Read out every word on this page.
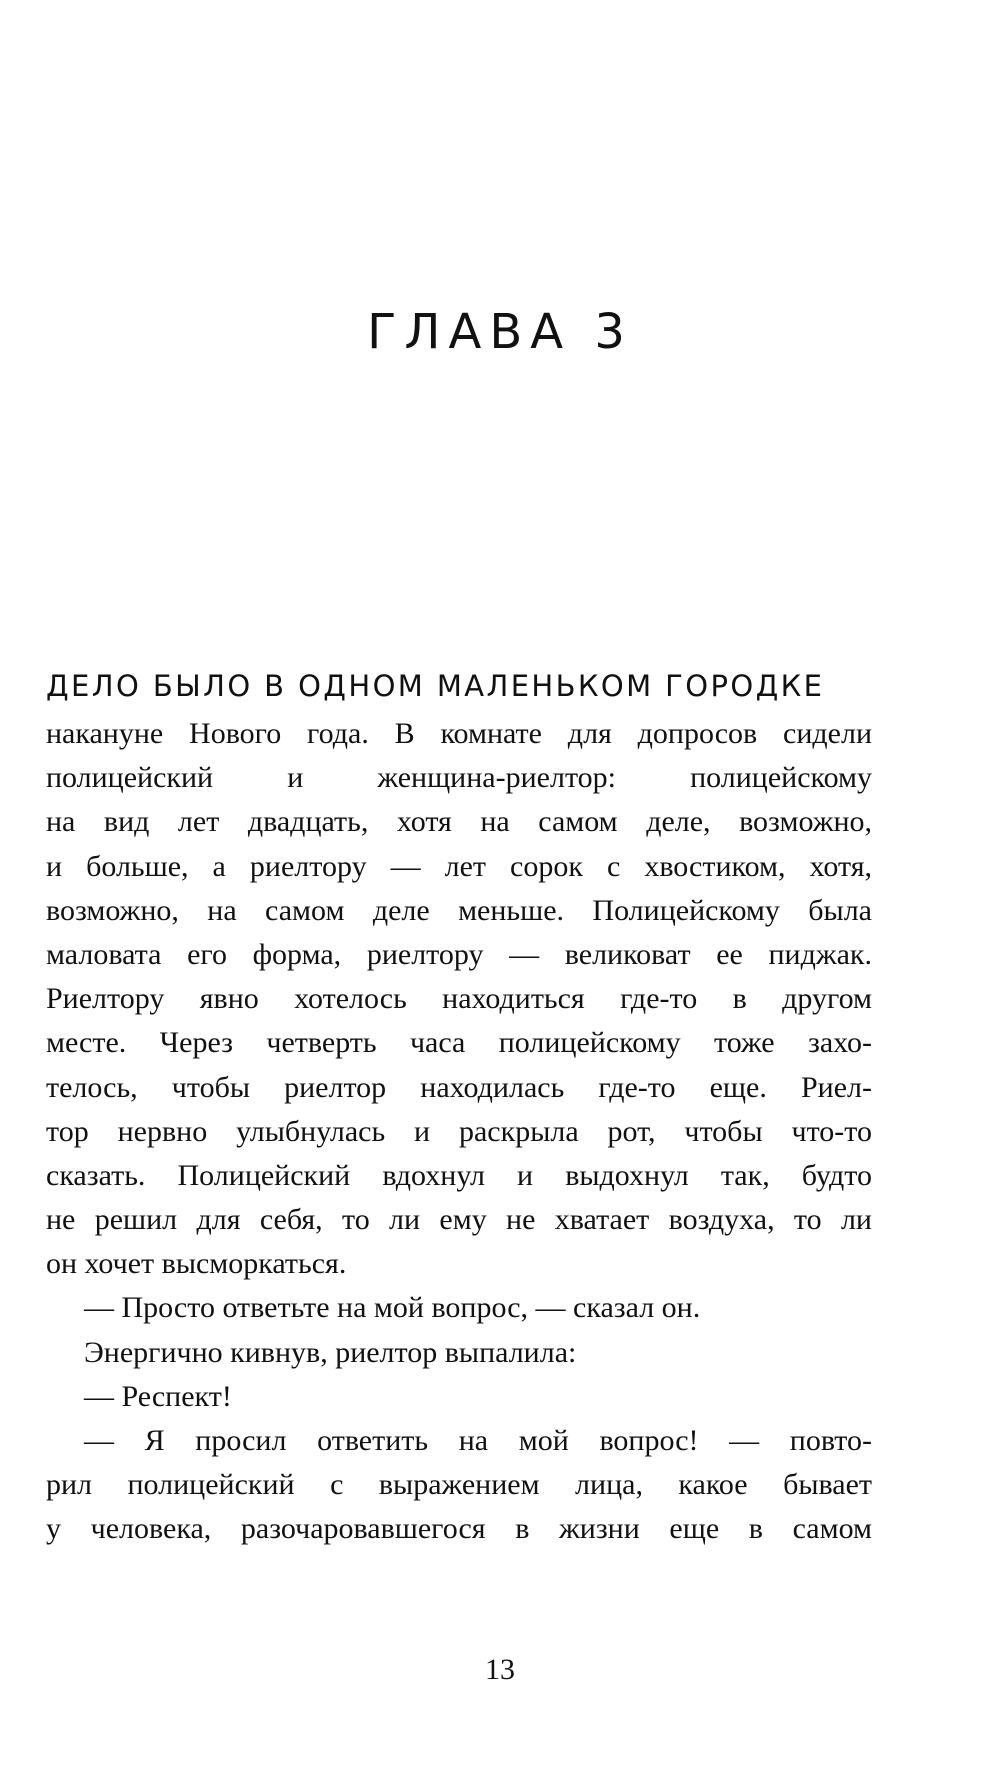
ГЛАВА 3

ДЕЛО БЫЛО В ОДНОМ МАЛЕНЬКОМ ГОРОДКЕ

накануне Нового года. В комнате для допросов сидели
полицейский и женщина-риелтор: полицейскому
на вид лет двадцать, хотя на самом деле, возможно,
и больше, а риелтору — лет сорок с хвостиком, хотя,
возможно, на самом деле меньше. Полицейскому была
маловата его форма, риелтору — великоват ее пиджак.
Риелтору явно хотелось находиться где-то в другом
месте. Через четверть часа полицейскому тоже захо-
телось, чтобы риелтор находилась где-то еще. Риел-
тор нервно улыбнулась и раскрыла рот, чтобы что-то
сказать. Полицейский вдохнул и выдохнул так, будто
не решил для себя, то ли ему не хватает воздуха, то ли
он хочет высморкаться.
— Просто ответьте на мой вопрос, — сказал он.
Энергично кивнув, риелтор выпалила:
— Респект!
— Я просил ответить на мой вопрос! — повто-
рил полицейский с выражением лица, какое бывает
у человека, разочаровавшегося в жизни еще в самом
13
